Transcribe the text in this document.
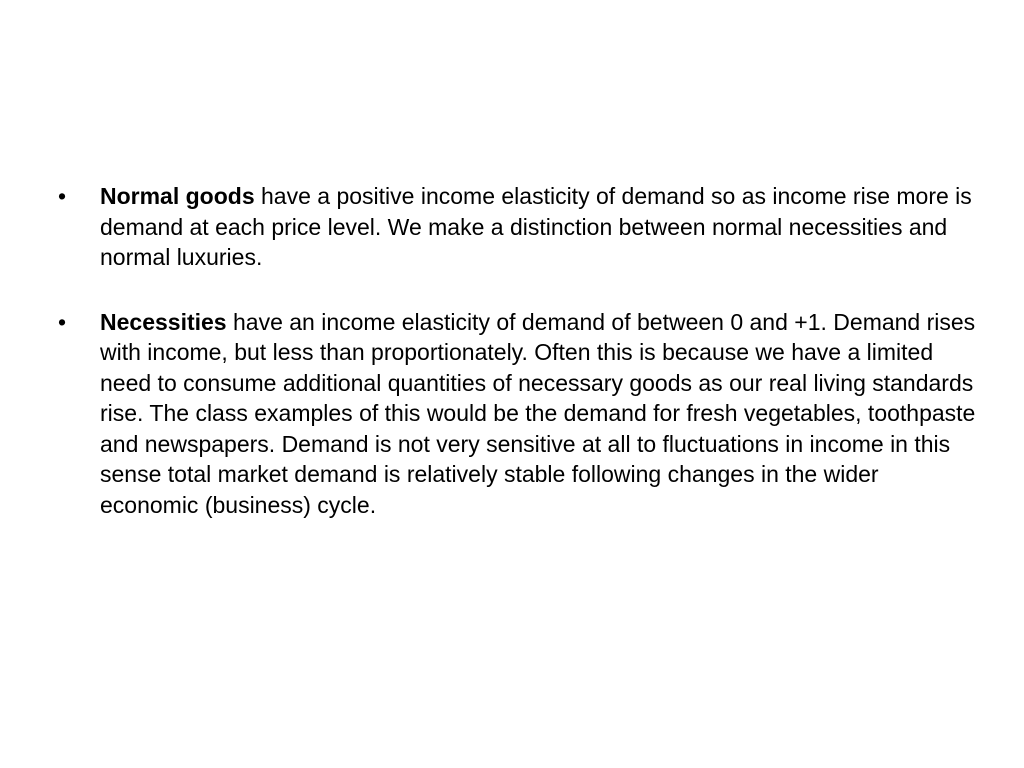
•	Normal goods have a positive income elasticity of demand so as income rise more is demand at each price level. We make a distinction between normal necessities and normal luxuries.
•	Necessities have an income elasticity of demand of between 0 and +1. Demand rises with income, but less than proportionately. Often this is because we have a limited need to consume additional quantities of necessary goods as our real living standards rise. The class examples of this would be the demand for fresh vegetables, toothpaste and newspapers. Demand is not very sensitive at all to fluctuations in income in this sense total market demand is relatively stable following changes in the wider economic (business) cycle.
